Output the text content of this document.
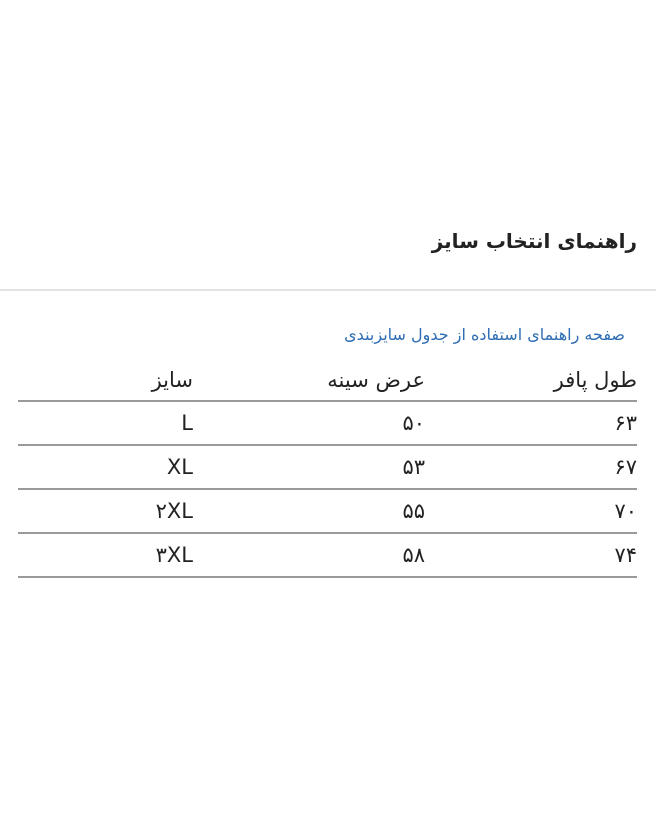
راهنمای انتخاب سایز
صفحه راهنمای استفاده از جدول سایزبندی
طول پافر	عرض سینه	سایز
۶۳	۵۰	L
۶۷	۵۳	XL
۷۰	۵۵	۲XL
۷۴	۵۸	۳XL
